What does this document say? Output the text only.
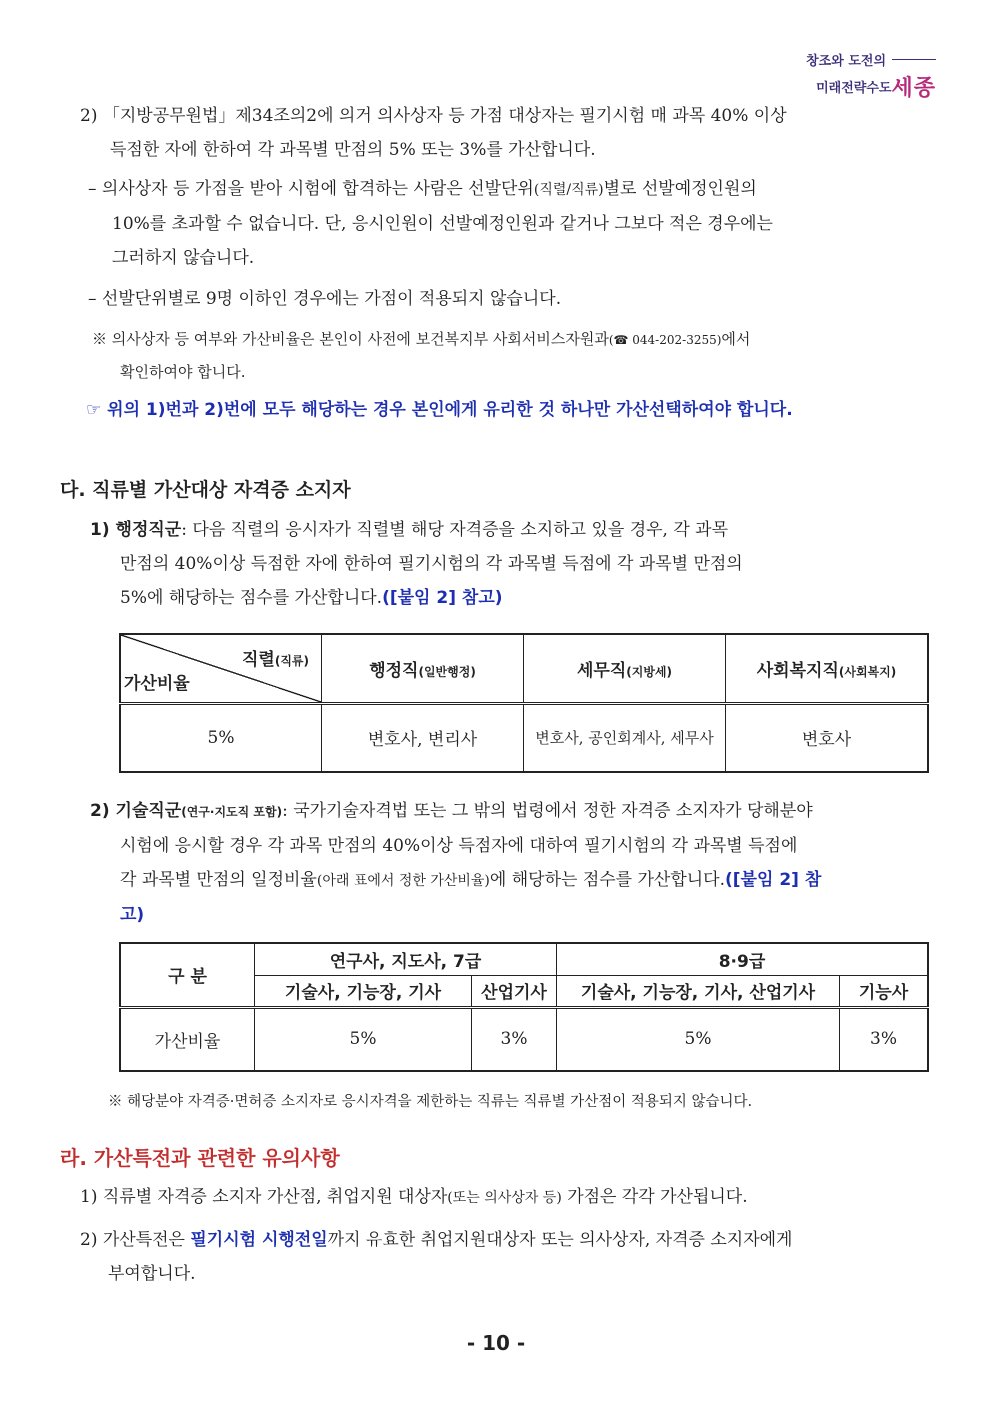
창조와 도전의
미래전략수도세종
2) 「지방공무원법」제34조의2에 의거 의사상자 등 가점 대상자는 필기시험 매 과목 40% 이상
득점한 자에 한하여 각 과목별 만점의 5% 또는 3%를 가산합니다.
– 의사상자 등 가점을 받아 시험에 합격하는 사람은 선발단위(직렬/직류)별로 선발예정인원의
10%를 초과할 수 없습니다. 단, 응시인원이 선발예정인원과 같거나 그보다 적은 경우에는
그러하지 않습니다.
– 선발단위별로 9명 이하인 경우에는 가점이 적용되지 않습니다.
※ 의사상자 등 여부와 가산비율은 본인이 사전에 보건복지부 사회서비스자원과(☎ 044-202-3255)에서
확인하여야 합니다.
☞ 위의 1)번과 2)번에 모두 해당하는 경우 본인에게 유리한 것 하나만 가산선택하여야 합니다.
다. 직류별 가산대상 자격증 소지자
1) 행정직군: 다음 직렬의 응시자가 직렬별 해당 자격증을 소지하고 있을 경우, 각 과목
만점의 40%이상 득점한 자에 한하여 필기시험의 각 과목별 득점에 각 과목별 만점의
5%에 해당하는 점수를 가산합니다.([붙임 2] 참고)
직렬(직류)
가산비율	행정직(일반행정)	세무직(지방세)	사회복지직(사회복지)
5%	변호사, 변리사	변호사, 공인회계사, 세무사	변호사
2) 기술직군(연구·지도직 포함): 국가기술자격법 또는 그 밖의 법령에서 정한 자격증 소지자가 당해분야
시험에 응시할 경우 각 과목 만점의 40%이상 득점자에 대하여 필기시험의 각 과목별 득점에
각 과목별 만점의 일정비율(아래 표에서 정한 가산비율)에 해당하는 점수를 가산합니다.([붙임 2] 참
고)
구 분	연구사, 지도사, 7급		8·9급	
	기술사, 기능장, 기사	산업기사	기술사, 기능장, 기사, 산업기사	기능사
가산비율	5%	3%	5%	3%
※ 해당분야 자격증·면허증 소지자로 응시자격을 제한하는 직류는 직류별 가산점이 적용되지 않습니다.
라. 가산특전과 관련한 유의사항
1) 직류별 자격증 소지자 가산점, 취업지원 대상자(또는 의사상자 등) 가점은 각각 가산됩니다.
2) 가산특전은 필기시험 시행전일까지 유효한 취업지원대상자 또는 의사상자, 자격증 소지자에게
부여합니다.
- 10 -
